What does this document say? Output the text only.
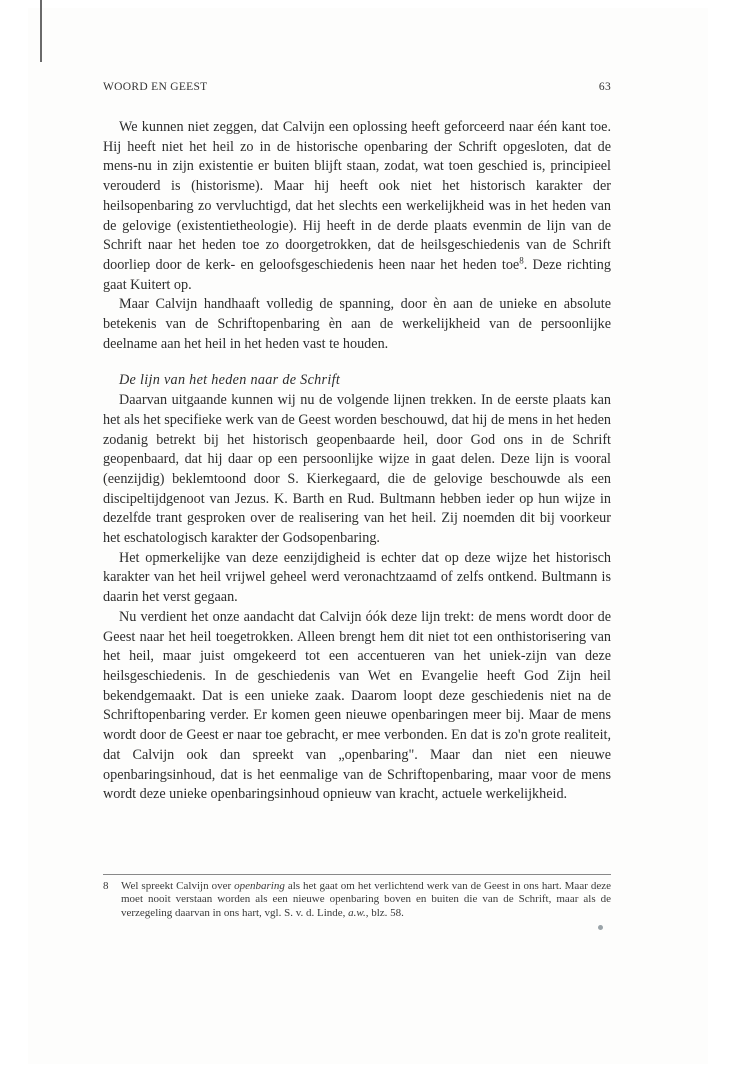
WOORD EN GEEST	63

We kunnen niet zeggen, dat Calvijn een oplossing heeft geforceerd naar één kant toe. Hij heeft niet het heil zo in de historische openbaring der Schrift opgesloten, dat de mens-nu in zijn existentie er buiten blijft staan, zodat, wat toen geschied is, principieel verouderd is (historisme). Maar hij heeft ook niet het historisch karakter der heilsopenbaring zo vervluchtigd, dat het slechts een werkelijkheid was in het heden van de gelovige (existentietheologie). Hij heeft in de derde plaats evenmin de lijn van de Schrift naar het heden toe zo doorgetrokken, dat de heilsgeschiedenis van de Schrift doorliep door de kerk- en geloofsgeschiedenis heen naar het heden toe$^8$. Deze richting gaat Kuitert op.

Maar Calvijn handhaaft volledig de spanning, door èn aan de unieke en absolute betekenis van de Schriftopenbaring èn aan de werkelijkheid van de persoonlijke deelname aan het heil in het heden vast te houden.

De lijn van het heden naar de Schrift

Daarvan uitgaande kunnen wij nu de volgende lijnen trekken. In de eerste plaats kan het als het specifieke werk van de Geest worden beschouwd, dat hij de mens in het heden zodanig betrekt bij het historisch geopenbaarde heil, door God ons in de Schrift geopenbaard, dat hij daar op een persoonlijke wijze in gaat delen. Deze lijn is vooral (eenzijdig) beklemtoond door S. Kierkegaard, die de gelovige beschouwde als een discipeltijdgenoot van Jezus. K. Barth en Rud. Bultmann hebben ieder op hun wijze in dezelfde trant gesproken over de realisering van het heil. Zij noemden dit bij voorkeur het eschatologisch karakter der Godsopenbaring.

Het opmerkelijke van deze eenzijdigheid is echter dat op deze wijze het historisch karakter van het heil vrijwel geheel werd veronachtzaamd of zelfs ontkend. Bultmann is daarin het verst gegaan.

Nu verdient het onze aandacht dat Calvijn óók deze lijn trekt: de mens wordt door de Geest naar het heil toegetrokken. Alleen brengt hem dit niet tot een onthistorisering van het heil, maar juist omgekeerd tot een accentueren van het uniek-zijn van deze heilsgeschiedenis. In de geschiedenis van Wet en Evangelie heeft God Zijn heil bekendgemaakt. Dat is een unieke zaak. Daarom loopt deze geschiedenis niet na de Schriftopenbaring verder. Er komen geen nieuwe openbaringen meer bij. Maar de mens wordt door de Geest er naar toe gebracht, er mee verbonden. En dat is zo'n grote realiteit, dat Calvijn ook dan spreekt van „openbaring". Maar dan niet een nieuwe openbaringsinhoud, dat is het eenmalige van de Schriftopenbaring, maar voor de mens wordt deze unieke openbaringsinhoud opnieuw van kracht, actuele werkelijkheid.

8	Wel spreekt Calvijn over openbaring als het gaat om het verlichtend werk van de Geest in ons hart. Maar deze moet nooit verstaan worden als een nieuwe openbaring boven en buiten die van de Schrift, maar als de verzegeling daarvan in ons hart, vgl. S. v. d. Linde, a.w., blz. 58.
